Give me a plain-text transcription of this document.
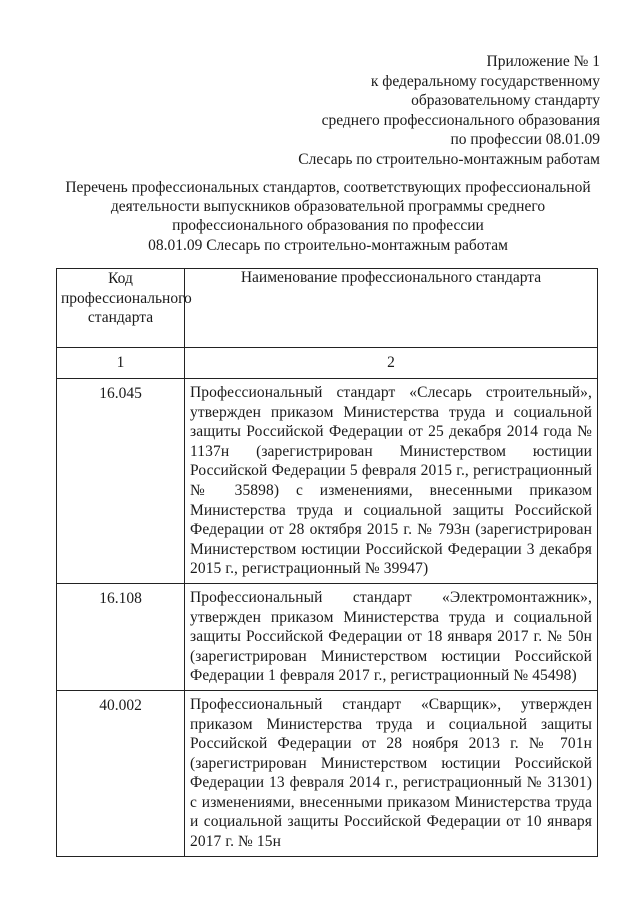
Приложение № 1
к федеральному государственному
образовательному стандарту
среднего профессионального образования
по профессии 08.01.09
Слесарь по строительно-монтажным работам
Перечень профессиональных стандартов, соответствующих профессиональной
деятельности выпускников образовательной программы среднего
профессионального образования по профессии
08.01.09 Слесарь по строительно-монтажным работам
Код профессионального стандарта	Наименование профессионального стандарта
1	2
16.045	Профессиональный стандарт «Слесарь строительный», утвержден приказом Министерства труда и социальной защиты Российской Федерации от 25 декабря 2014 года № 1137н (зарегистрирован Министерством юстиции Российской Федерации 5 февраля 2015 г., регистрационный № 35898) с изменениями, внесенными приказом Министерства труда и социальной защиты Российской Федерации от 28 октября 2015 г. № 793н (зарегистрирован Министерством юстиции Российской Федерации 3 декабря 2015 г., регистрационный № 39947)
16.108	Профессиональный стандарт «Электромонтажник», утвержден приказом Министерства труда и социальной защиты Российской Федерации от 18 января 2017 г. № 50н (зарегистрирован Министерством юстиции Российской Федерации 1 февраля 2017 г., регистрационный № 45498)
40.002	Профессиональный стандарт «Сварщик», утвержден приказом Министерства труда и социальной защиты Российской Федерации от 28 ноября 2013 г. № 701н (зарегистрирован Министерством юстиции Российской Федерации 13 февраля 2014 г., регистрационный № 31301) с изменениями, внесенными приказом Министерства труда и социальной защиты Российской Федерации от 10 января 2017 г. № 15н
